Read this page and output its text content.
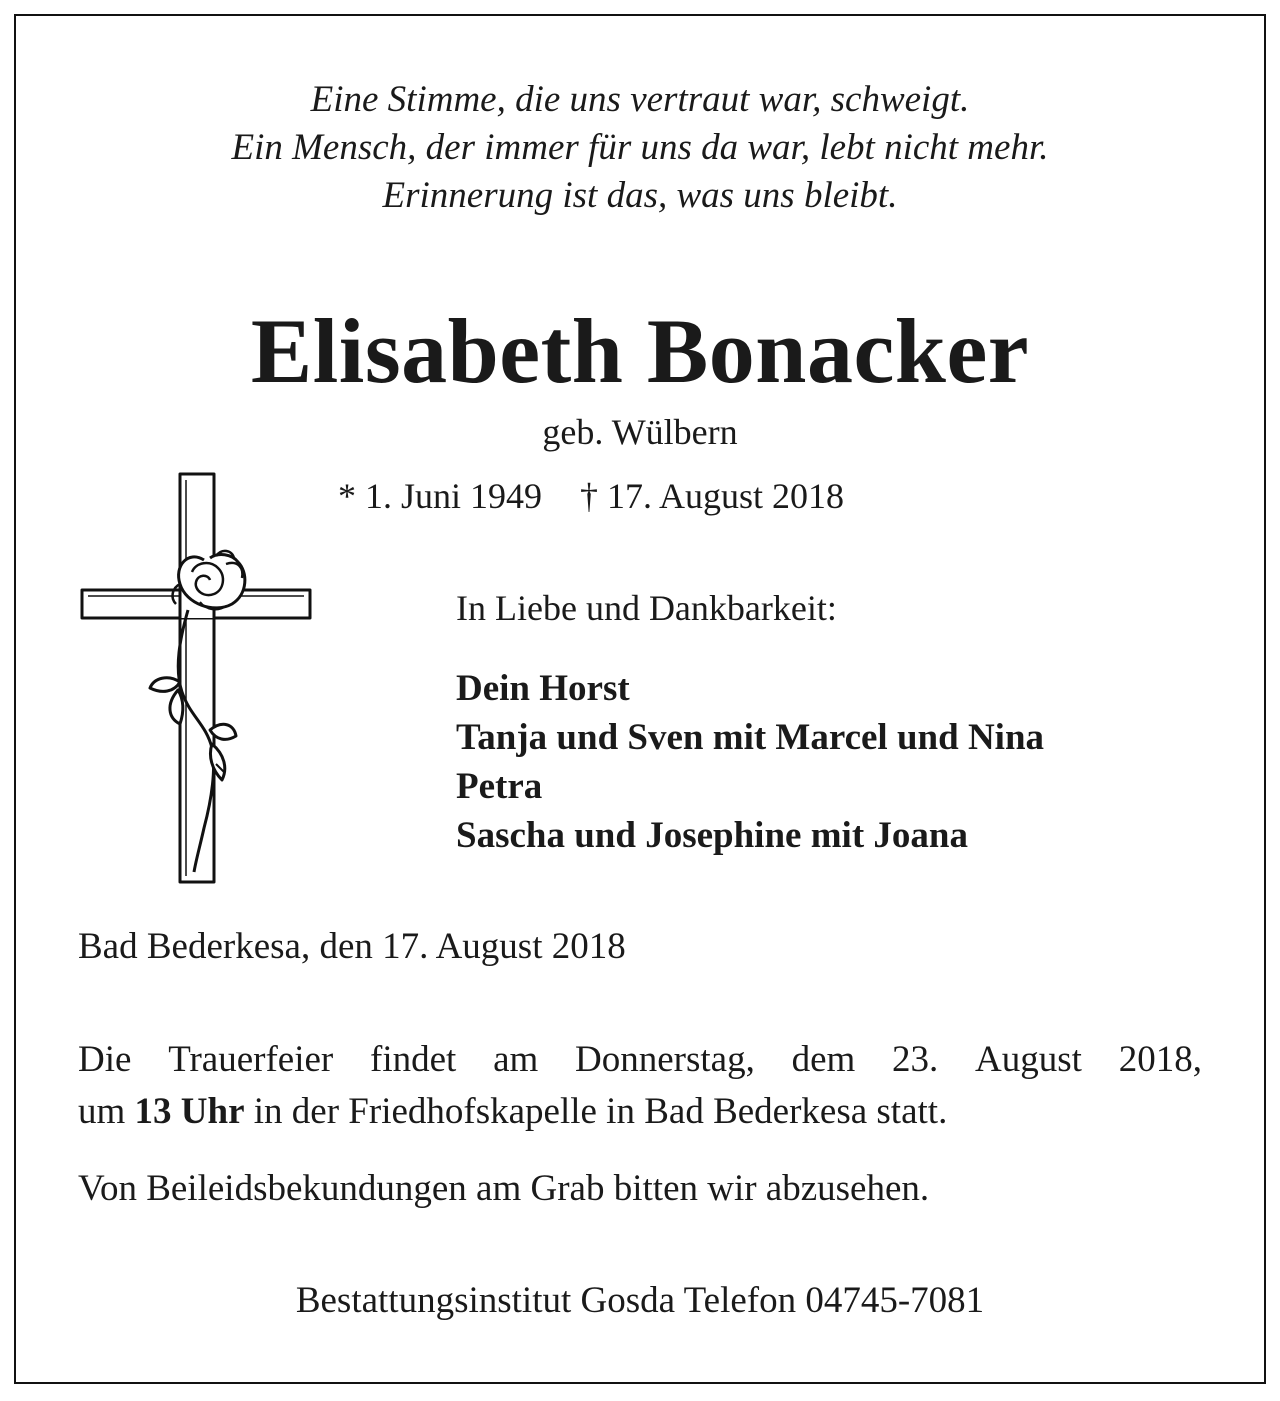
Eine Stimme, die uns vertraut war, schweigt.
Ein Mensch, der immer für uns da war, lebt nicht mehr.
Erinnerung ist das, was uns bleibt.
Elisabeth Bonacker
geb. Wülbern
* 1. Juni 1949 † 17. August 2018
In Liebe und Dankbarkeit:
Dein Horst
Tanja und Sven mit Marcel und Nina
Petra
Sascha und Josephine mit Joana
Bad Bederkesa, den 17. August 2018
Die Trauerfeier findet am Donnerstag, dem 23. August 2018,
um 13 Uhr in der Friedhofskapelle in Bad Bederkesa statt.
Von Beileidsbekundungen am Grab bitten wir abzusehen.
Bestattungsinstitut Gosda Telefon 04745-7081
